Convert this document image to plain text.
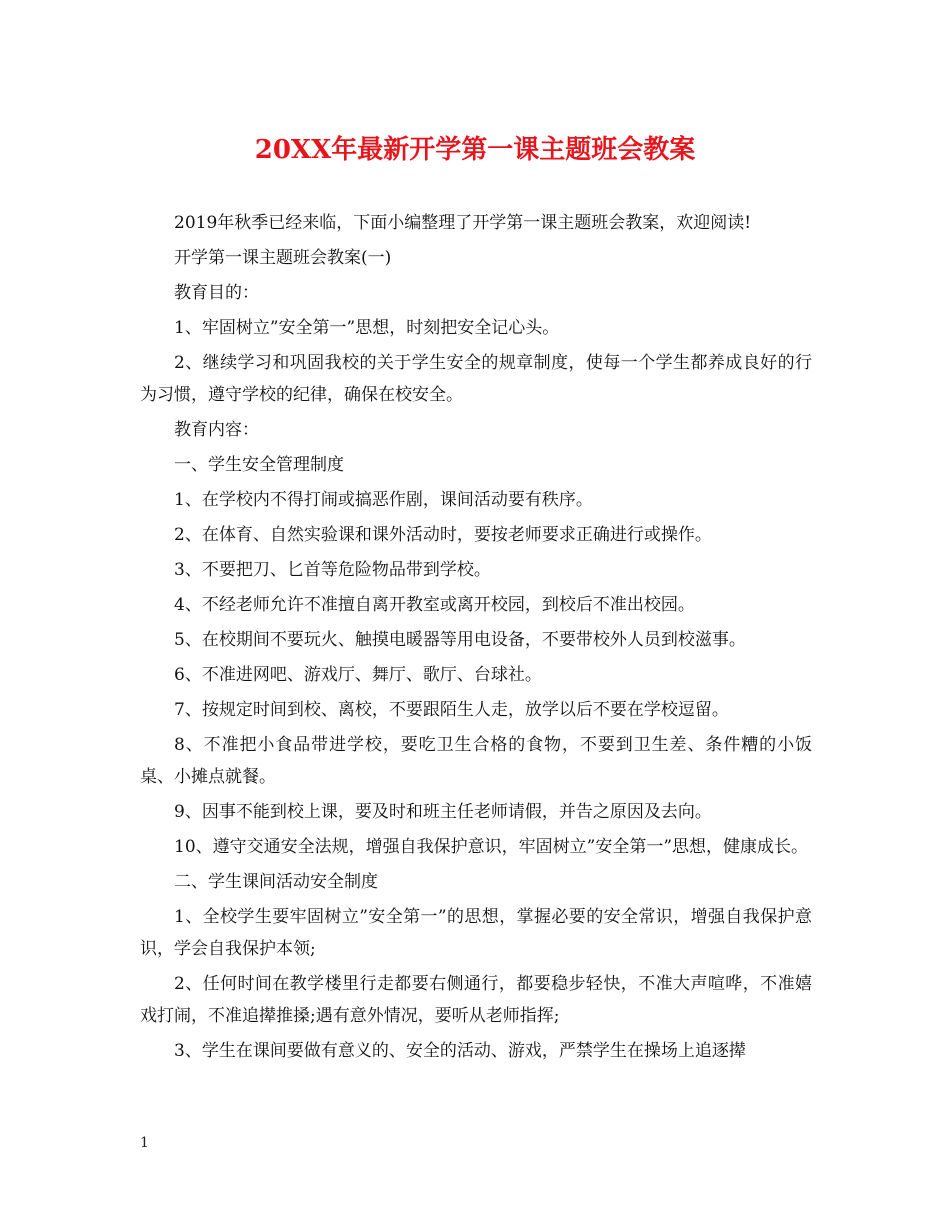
20XX年最新开学第一课主题班会教案

2019年秋季已经来临，下面小编整理了开学第一课主题班会教案，欢迎阅读!

开学第一课主题班会教案(一)

教育目的：

1、牢固树立”安全第一”思想，时刻把安全记心头。

2、继续学习和巩固我校的关于学生安全的规章制度，使每一个学生都养成良好的行为习惯，遵守学校的纪律，确保在校安全。

教育内容：

一、学生安全管理制度

1、在学校内不得打闹或搞恶作剧，课间活动要有秩序。

2、在体育、自然实验课和课外活动时，要按老师要求正确进行或操作。

3、不要把刀、匕首等危险物品带到学校。

4、不经老师允许不准擅自离开教室或离开校园，到校后不准出校园。

5、在校期间不要玩火、触摸电暖器等用电设备，不要带校外人员到校滋事。

6、不准进网吧、游戏厅、舞厅、歌厅、台球社。

7、按规定时间到校、离校，不要跟陌生人走，放学以后不要在学校逗留。

8、不准把小食品带进学校，要吃卫生合格的食物，不要到卫生差、条件糟的小饭桌、小摊点就餐。

9、因事不能到校上课，要及时和班主任老师请假，并告之原因及去向。

10、遵守交通安全法规，增强自我保护意识，牢固树立”安全第一”思想，健康成长。

二、学生课间活动安全制度

1、全校学生要牢固树立”安全第一”的思想，掌握必要的安全常识，增强自我保护意识，学会自我保护本领;

2、任何时间在教学楼里行走都要右侧通行，都要稳步轻快，不准大声喧哗，不准嬉戏打闹，不准追撵推搡;遇有意外情况，要听从老师指挥;

3、学生在课间要做有意义的、安全的活动、游戏，严禁学生在操场上追逐撵

1
